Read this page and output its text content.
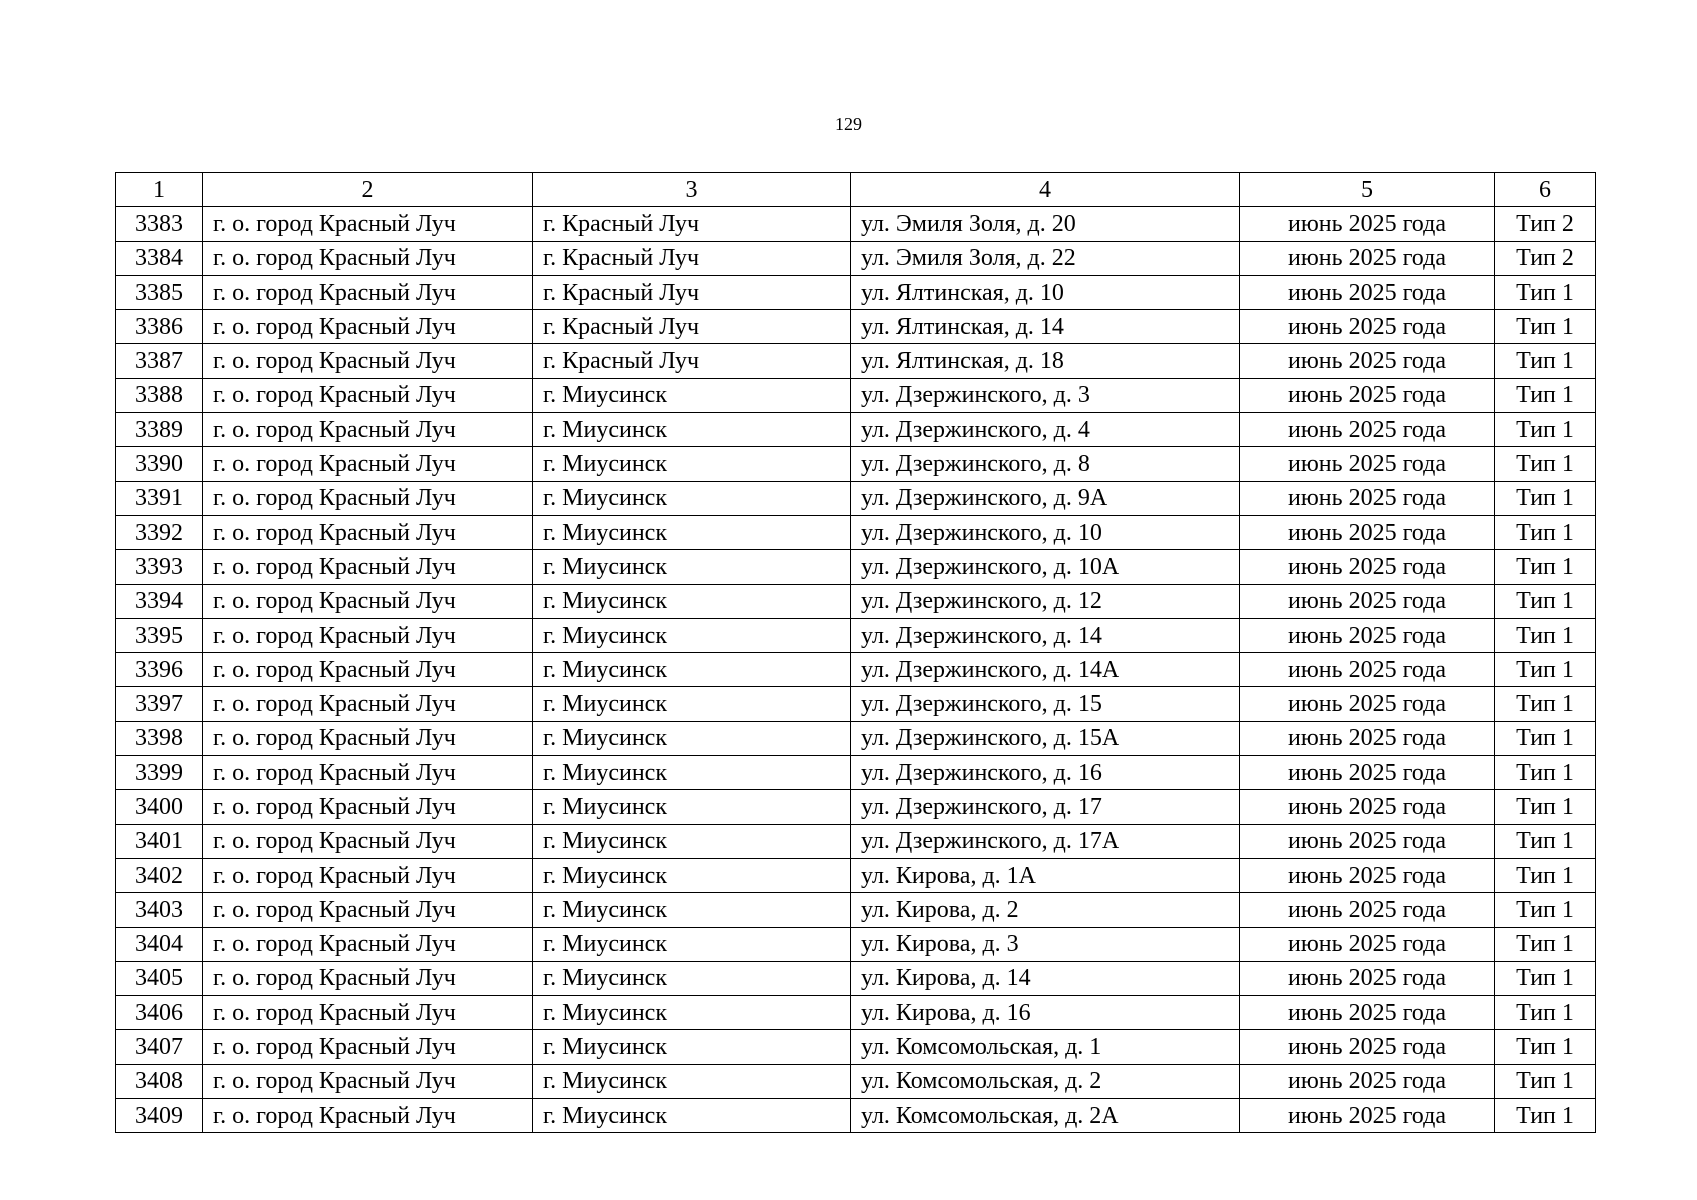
129
1	2	3	4	5	6
3383	г. о. город Красный Луч	г. Красный Луч	ул. Эмиля Золя, д. 20	июнь 2025 года	Тип 2
3384	г. о. город Красный Луч	г. Красный Луч	ул. Эмиля Золя, д. 22	июнь 2025 года	Тип 2
3385	г. о. город Красный Луч	г. Красный Луч	ул. Ялтинская, д. 10	июнь 2025 года	Тип 1
3386	г. о. город Красный Луч	г. Красный Луч	ул. Ялтинская, д. 14	июнь 2025 года	Тип 1
3387	г. о. город Красный Луч	г. Красный Луч	ул. Ялтинская, д. 18	июнь 2025 года	Тип 1
3388	г. о. город Красный Луч	г. Миусинск	ул. Дзержинского, д. 3	июнь 2025 года	Тип 1
3389	г. о. город Красный Луч	г. Миусинск	ул. Дзержинского, д. 4	июнь 2025 года	Тип 1
3390	г. о. город Красный Луч	г. Миусинск	ул. Дзержинского, д. 8	июнь 2025 года	Тип 1
3391	г. о. город Красный Луч	г. Миусинск	ул. Дзержинского, д. 9А	июнь 2025 года	Тип 1
3392	г. о. город Красный Луч	г. Миусинск	ул. Дзержинского, д. 10	июнь 2025 года	Тип 1
3393	г. о. город Красный Луч	г. Миусинск	ул. Дзержинского, д. 10А	июнь 2025 года	Тип 1
3394	г. о. город Красный Луч	г. Миусинск	ул. Дзержинского, д. 12	июнь 2025 года	Тип 1
3395	г. о. город Красный Луч	г. Миусинск	ул. Дзержинского, д. 14	июнь 2025 года	Тип 1
3396	г. о. город Красный Луч	г. Миусинск	ул. Дзержинского, д. 14А	июнь 2025 года	Тип 1
3397	г. о. город Красный Луч	г. Миусинск	ул. Дзержинского, д. 15	июнь 2025 года	Тип 1
3398	г. о. город Красный Луч	г. Миусинск	ул. Дзержинского, д. 15А	июнь 2025 года	Тип 1
3399	г. о. город Красный Луч	г. Миусинск	ул. Дзержинского, д. 16	июнь 2025 года	Тип 1
3400	г. о. город Красный Луч	г. Миусинск	ул. Дзержинского, д. 17	июнь 2025 года	Тип 1
3401	г. о. город Красный Луч	г. Миусинск	ул. Дзержинского, д. 17А	июнь 2025 года	Тип 1
3402	г. о. город Красный Луч	г. Миусинск	ул. Кирова, д. 1А	июнь 2025 года	Тип 1
3403	г. о. город Красный Луч	г. Миусинск	ул. Кирова, д. 2	июнь 2025 года	Тип 1
3404	г. о. город Красный Луч	г. Миусинск	ул. Кирова, д. 3	июнь 2025 года	Тип 1
3405	г. о. город Красный Луч	г. Миусинск	ул. Кирова, д. 14	июнь 2025 года	Тип 1
3406	г. о. город Красный Луч	г. Миусинск	ул. Кирова, д. 16	июнь 2025 года	Тип 1
3407	г. о. город Красный Луч	г. Миусинск	ул. Комсомольская, д. 1	июнь 2025 года	Тип 1
3408	г. о. город Красный Луч	г. Миусинск	ул. Комсомольская, д. 2	июнь 2025 года	Тип 1
3409	г. о. город Красный Луч	г. Миусинск	ул. Комсомольская, д. 2А	июнь 2025 года	Тип 1
